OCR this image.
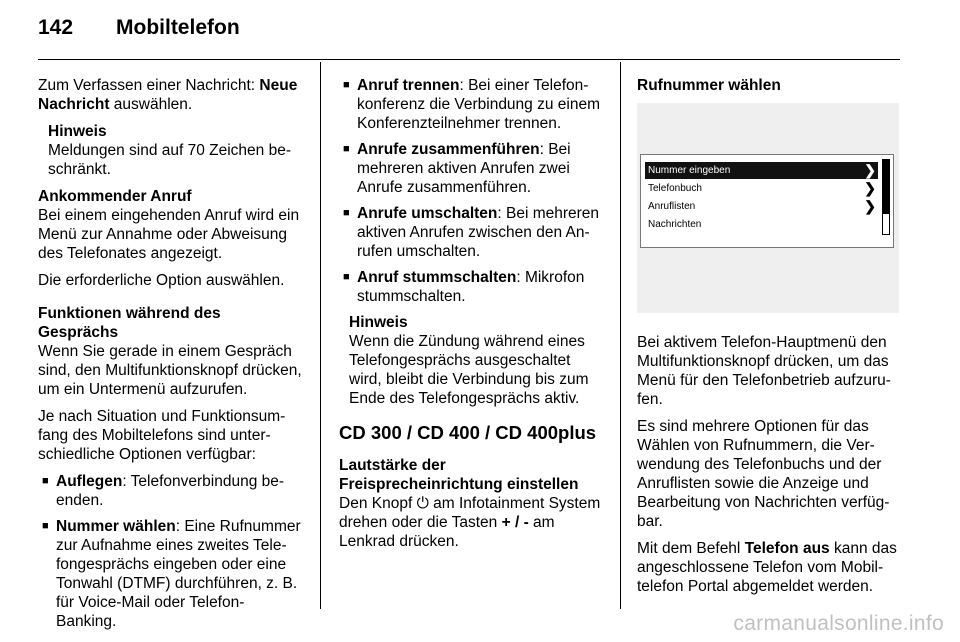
142 Mobiltelefon

Zum Verfassen einer Nachricht: Neue Nachricht auswählen.

Hinweis
Meldungen sind auf 70 Zeichen beschränkt.

Ankommender Anruf

Bei einem eingehenden Anruf wird ein Menü zur Annahme oder Abweisung des Telefonates angezeigt.

Die erforderliche Option auswählen.

Funktionen während des Gesprächs

Wenn Sie gerade in einem Gespräch sind, den Multifunktionsknopf drücken, um ein Untermenü aufzurufen.

Je nach Situation und Funktionsumfang des Mobiltelefons sind unterschiedliche Optionen verfügbar:

■ Auflegen: Telefonverbindung beenden.
■ Nummer wählen: Eine Rufnummer zur Aufnahme eines zweites Telefongesprächs eingeben oder eine Tonwahl (DTMF) durchführen, z. B. für Voice-Mail oder Telefon-Banking.
■ Anruf trennen: Bei einer Telefonkonferenz die Verbindung zu einem Konferenzteilnehmer trennen.
■ Anrufe zusammenführen: Bei mehreren aktiven Anrufen zwei Anrufe zusammenführen.
■ Anrufe umschalten: Bei mehreren aktiven Anrufen zwischen den Anrufen umschalten.
■ Anruf stummschalten: Mikrofon stummschalten.
Hinweis
Wenn die Zündung während eines Telefongesprächs ausgeschaltet wird, bleibt die Verbindung bis zum Ende des Telefongesprächs aktiv.
CD 300 / CD 400 / CD 400plus

Lautstärke der Freisprecheinrichtung einstellen

Den Knopf ⏻ am Infotainment System drehen oder die Tasten + / - am Lenkrad drücken.

Rufnummer wählen

Nummer eingeben	❯
Telefonbuch	❯
Anruflisten	❯
Nachrichten

Bei aktivem Telefon-Hauptmenü den Multifunktionsknopf drücken, um das Menü für den Telefonbetrieb aufzurufen.

Es sind mehrere Optionen für das Wählen von Rufnummern, die Verwendung des Telefonbuchs und der Anruflisten sowie die Anzeige und Bearbeitung von Nachrichten verfügbar.

Mit dem Befehl Telefon aus kann das angeschlossene Telefon vom Mobiltelefon Portal abgemeldet werden.

carmanualsonline.info
